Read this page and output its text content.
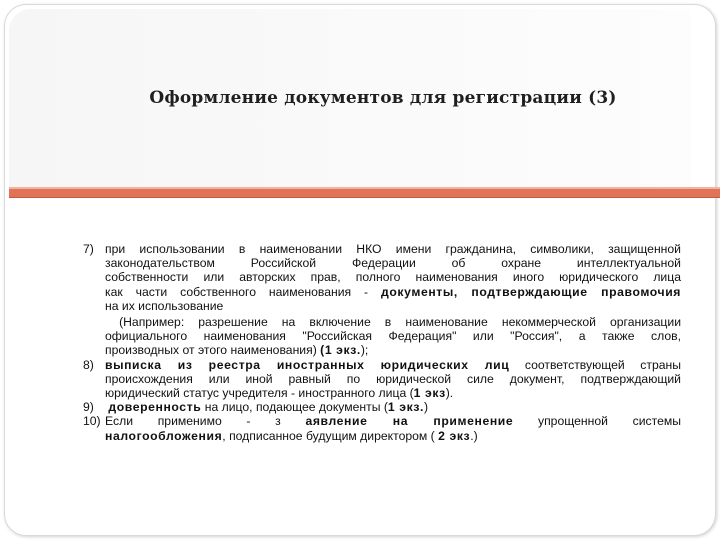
Оформление документов для регистрации (3)
7) при использовании в наименовании НКО имени гражданина, символики, защищенной
законодательством Российской Федерации об охране интеллектуальной
собственности или авторских прав, полного наименования иного юридического лица
как части собственного наименования - документы, подтверждающие правомочия
на их использование
(Например: разрешение на включение в наименование некоммерческой организации
официального наименования "Российская Федерация" или "Россия", а также слов,
производных от этого наименования) (1 экз.);
8) выписка из реестра иностранных юридических лиц соответствующей страны
происхождения или иной равный по юридической силе документ, подтверждающий
юридический статус учредителя - иностранного лица (1 экз).
9)	доверенность на лицо, подающее документы (1 экз.)
10) Если применимо - з аявление на применение упрощенной системы
налогообложения, подписанное будущим директором ( 2 экз.)
